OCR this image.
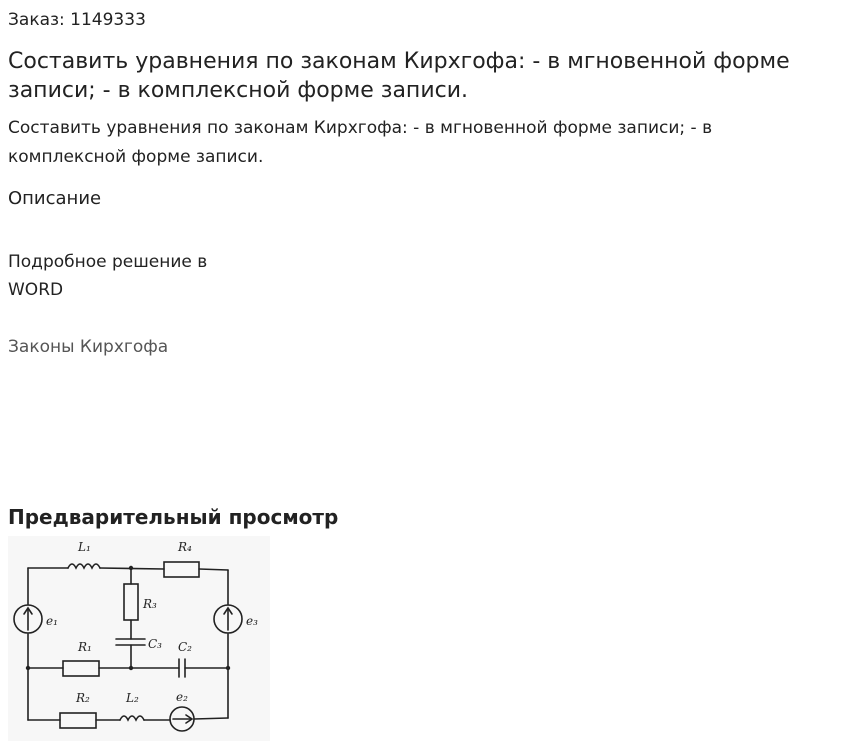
Заказ: 1149333
Составить уравнения по законам Кирхгофа: - в мгновенной форме записи; - в комплексной форме записи.

Составить уравнения по законам Кирхгофа: - в мгновенной форме записи; - в комплексной форме записи.

Описание
Подробное решение в
WORD
Законы Кирхгофа
Предварительный просмотр
L₁	R₄
R₃
e₁	e₃
C₃
R₁	C₂
R₂	L₂	e₂
